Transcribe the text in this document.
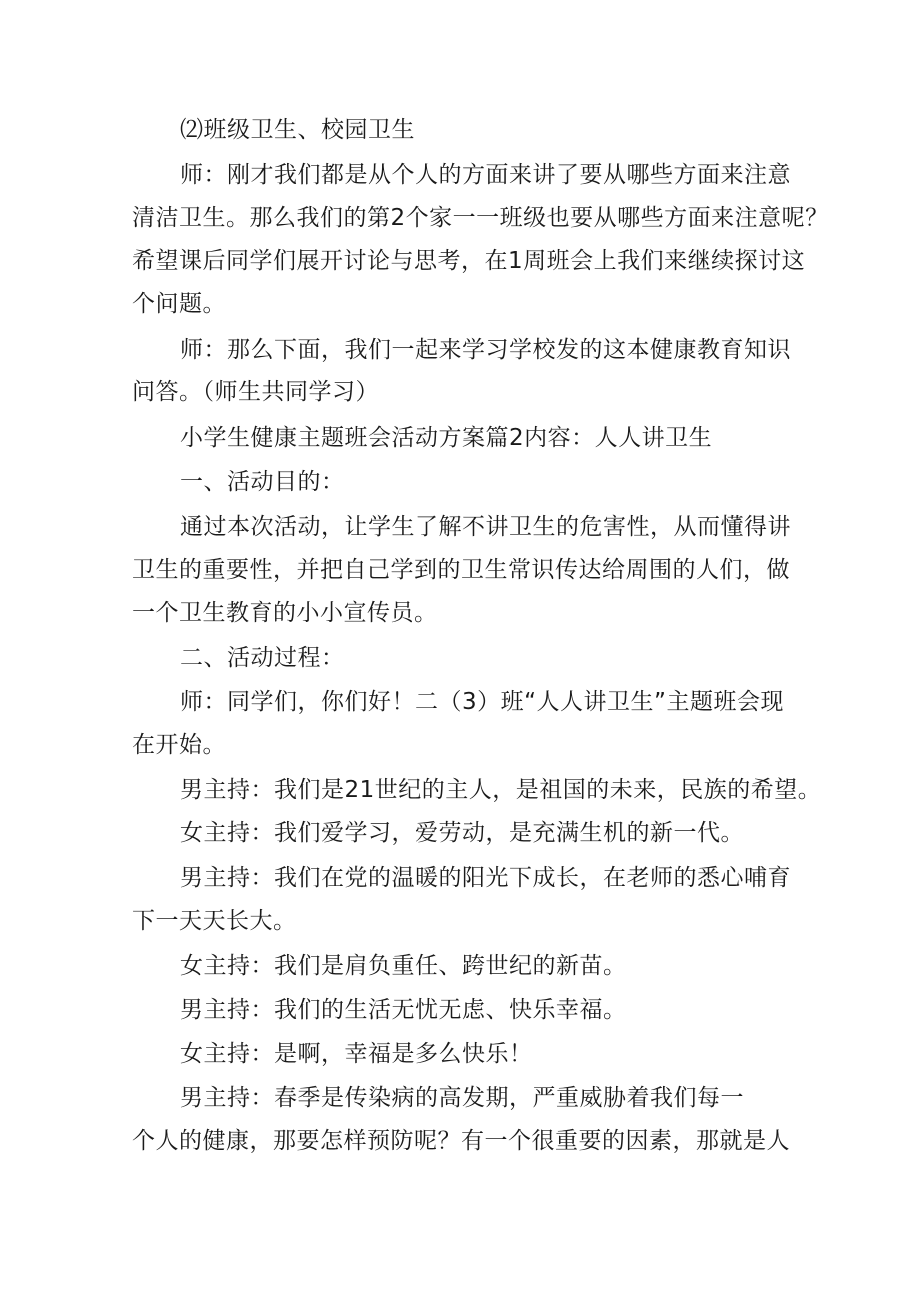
⑵班级卫生、校园卫生
师：刚才我们都是从个人的方面来讲了要从哪些方面来注意
清洁卫生。那么我们的第2个家一一班级也要从哪些方面来注意呢？
希望课后同学们展开讨论与思考，在1周班会上我们来继续探讨这
个问题。
师：那么下面，我们一起来学习学校发的这本健康教育知识
问答。（师生共同学习）
小学生健康主题班会活动方案篇2内容：人人讲卫生
一、活动目的：
通过本次活动，让学生了解不讲卫生的危害性，从而懂得讲
卫生的重要性，并把自己学到的卫生常识传达给周围的人们，做
一个卫生教育的小小宣传员。
二、活动过程：
师：同学们，你们好！二（3）班“人人讲卫生”主题班会现
在开始。
男主持：我们是21世纪的主人，是祖国的未来，民族的希望。
女主持：我们爱学习，爱劳动，是充满生机的新一代。
男主持：我们在党的温暖的阳光下成长，在老师的悉心哺育
下一天天长大。
女主持：我们是肩负重任、跨世纪的新苗。
男主持：我们的生活无忧无虑、快乐幸福。
女主持：是啊，幸福是多么快乐！
男主持：春季是传染病的高发期，严重威胁着我们每一
个人的健康，那要怎样预防呢？有一个很重要的因素，那就是人
